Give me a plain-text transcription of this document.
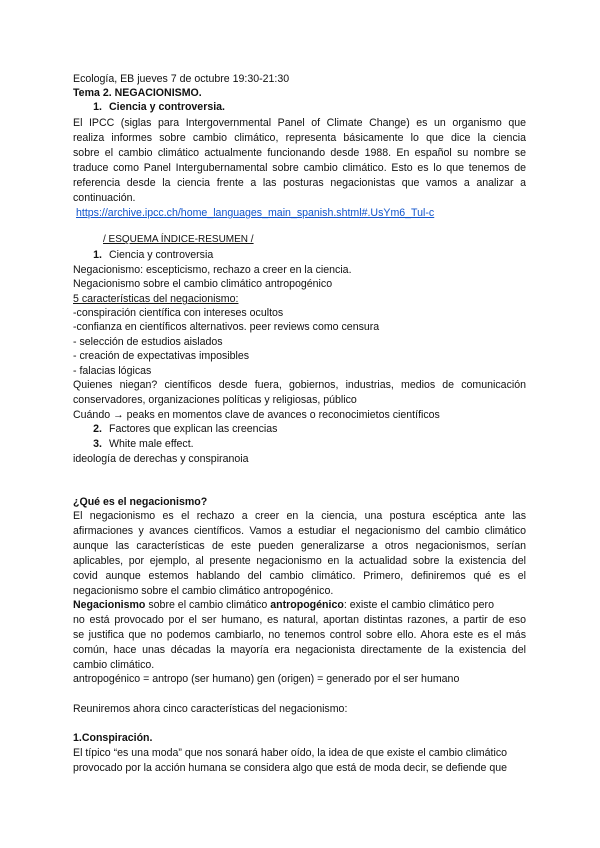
Ecología, EB jueves 7 de octubre 19:30-21:30
Tema 2. NEGACIONISMO.
1. Ciencia y controversia.
El IPCC (siglas para Intergovernmental Panel of Climate Change) es un organismo que
realiza informes sobre cambio climático, representa básicamente lo que dice la ciencia
sobre el cambio climático actualmente funcionando desde 1988. En español su nombre se
traduce como Panel Intergubernamental sobre cambio climático. Esto es lo que tenemos de
referencia desde la ciencia frente a las posturas negacionistas que vamos a analizar a
continuación.
https://archive.ipcc.ch/home_languages_main_spanish.shtml#.UsYm6_Tul-c
/ ESQUEMA ÍNDICE-RESUMEN /
1. Ciencia y controversia
Negacionismo: escepticismo, rechazo a creer en la ciencia.
Negacionismo sobre el cambio climático antropogénico
5 características del negacionismo:
-conspiración científica con intereses ocultos
-confianza en científicos alternativos. peer reviews como censura
- selección de estudios aislados
- creación de expectativas imposibles
- falacias lógicas
Quienes niegan? científicos desde fuera, gobiernos, industrias, medios de comunicación
conservadores, organizaciones políticas y religiosas, público
Cuándo → peaks en momentos clave de avances o reconocimietos científicos
2. Factores que explican las creencias
3. White male effect.
ideología de derechas y conspiranoia
¿Qué es el negacionismo?
El negacionismo es el rechazo a creer en la ciencia, una postura escéptica ante las
afirmaciones y avances científicos. Vamos a estudiar el negacionismo del cambio climático
aunque las características de este pueden generalizarse a otros negacionismos, serían
aplicables, por ejemplo, al presente negacionismo en la actualidad sobre la existencia del
covid aunque estemos hablando del cambio climático. Primero, definiremos qué es el
negacionismo sobre el cambio climático antropogénico.
Negacionismo sobre el cambio climático antropogénico: existe el cambio climático pero
no está provocado por el ser humano, es natural, aportan distintas razones, a partir de eso
se justifica que no podemos cambiarlo, no tenemos control sobre ello. Ahora este es el más
común, hace unas décadas la mayoría era negacionista directamente de la existencia del
cambio climático.
antropogénico = antropo (ser humano) gen (origen) = generado por el ser humano
Reuniremos ahora cinco características del negacionismo:
1.Conspiración.
El típico “es una moda” que nos sonará haber oído, la idea de que existe el cambio climático
provocado por la acción humana se considera algo que está de moda decir, se defiende que
